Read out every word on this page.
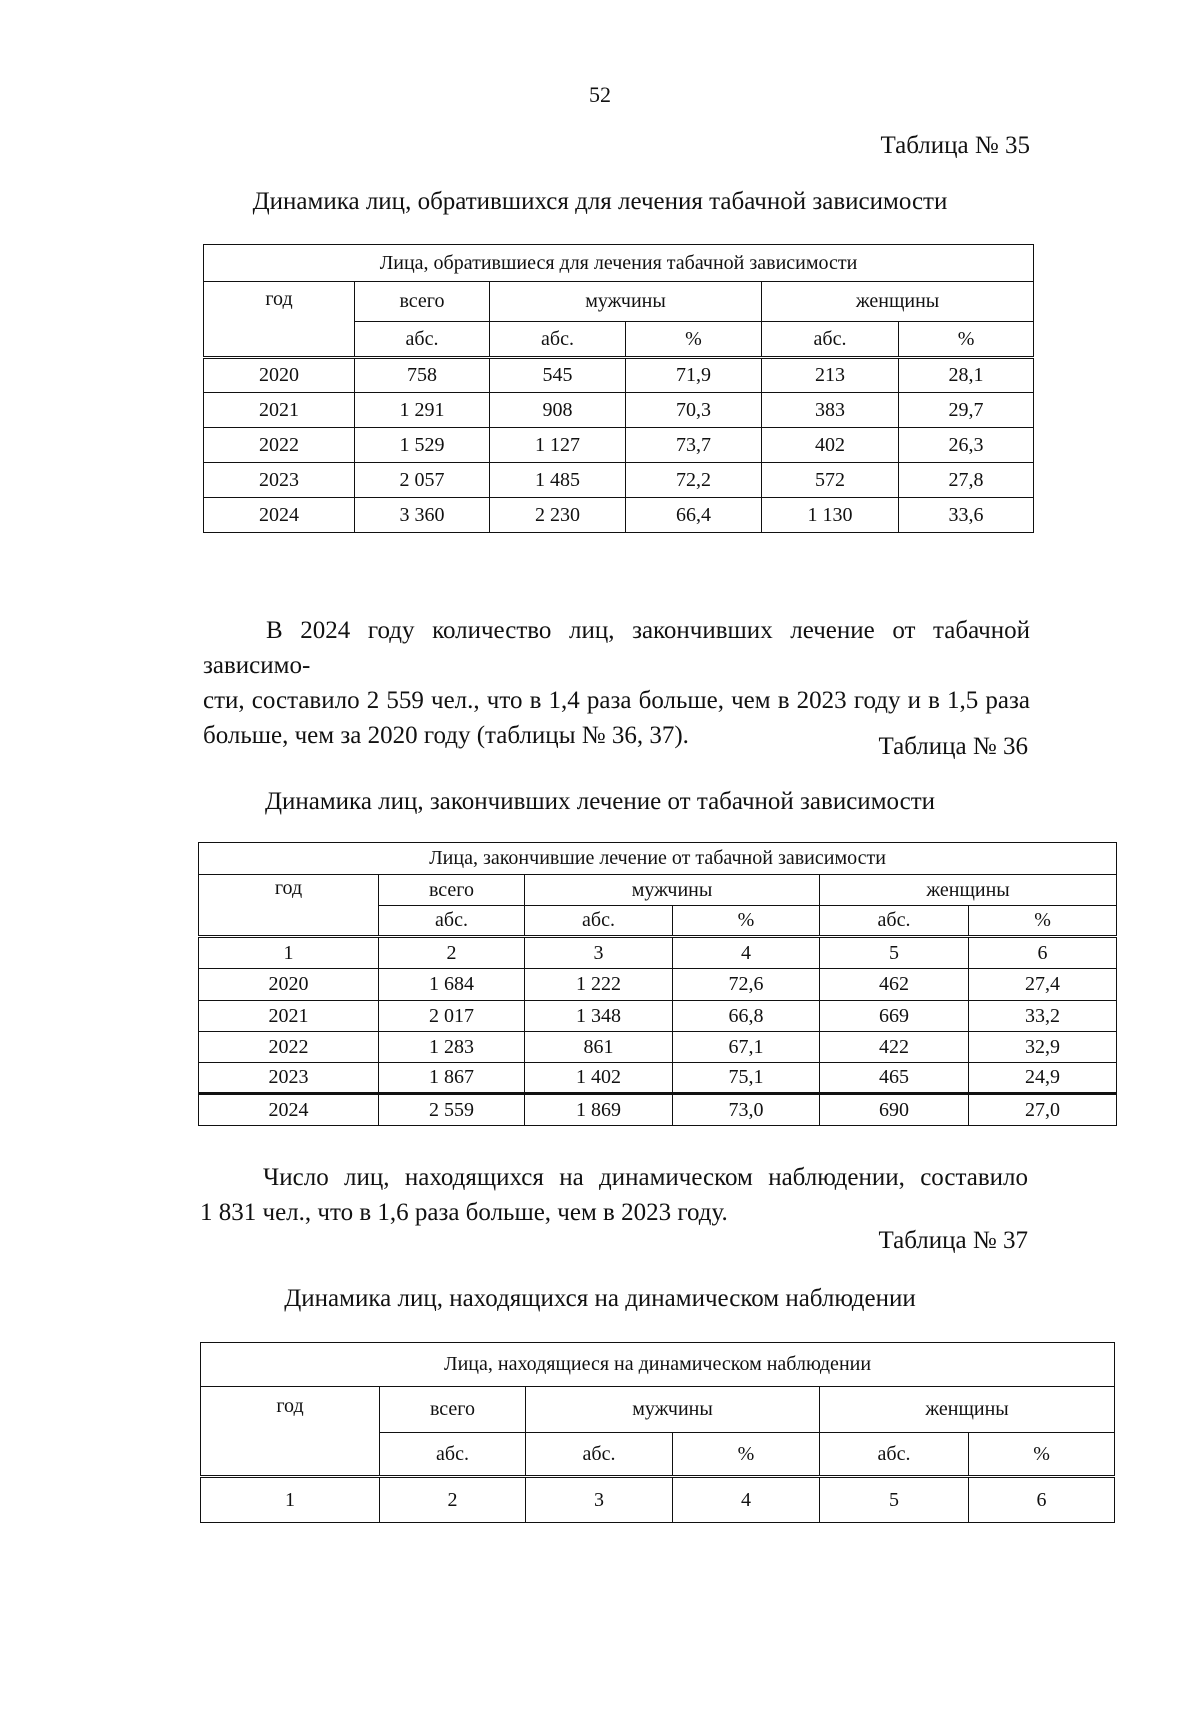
52
Таблица № 35
Динамика лиц, обратившихся для лечения табачной зависимости
Лица, обратившиеся для лечения табачной зависимости					
год	всего	мужчины		женщины	
	абс.	абс.	%	абс.	%
2020	758	545	71,9	213	28,1
2021	1 291	908	70,3	383	29,7
2022	1 529	1 127	73,7	402	26,3
2023	2 057	1 485	72,2	572	27,8
2024	3 360	2 230	66,4	1 130	33,6
В 2024 году количество лиц, закончивших лечение от табачной зависимо-
сти, составило 2 559 чел., что в 1,4 раза больше, чем в 2023 году и в 1,5 раза
больше, чем за 2020 году (таблицы № 36, 37).	Таблица № 36
Динамика лиц, закончивших лечение от табачной зависимости
Лица, закончившие лечение от табачной зависимости					
год	всего	мужчины		женщины	
	абс.	абс.	%	абс.	%
1	2	3	4	5	6
2020	1 684	1 222	72,6	462	27,4
2021	2 017	1 348	66,8	669	33,2
2022	1 283	861	67,1	422	32,9
2023	1 867	1 402	75,1	465	24,9
2024	2 559	1 869	73,0	690	27,0
Число лиц, находящихся на динамическом наблюдении, составило
1 831 чел., что в 1,6 раза больше, чем в 2023 году.
Таблица № 37
Динамика лиц, находящихся на динамическом наблюдении
Лица, находящиеся на динамическом наблюдении					
год	всего	мужчины		женщины	
	абс.	абс.	%	абс.	%
1	2	3	4	5	6
